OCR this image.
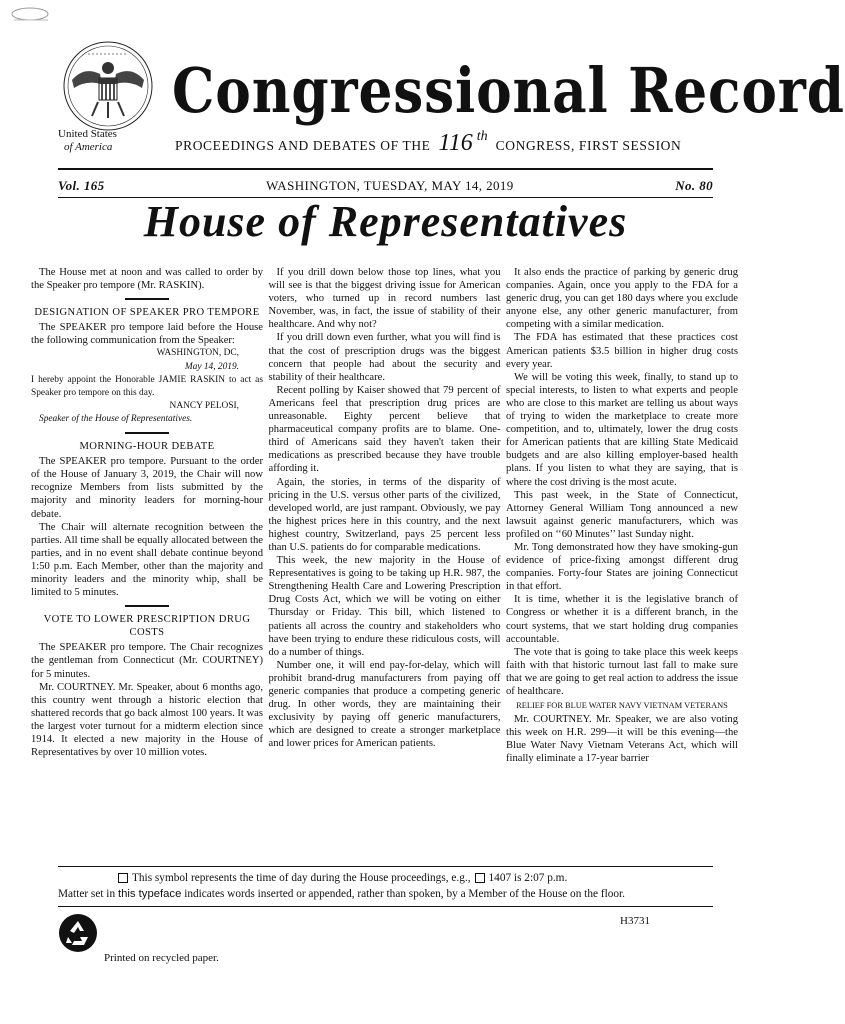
United States
of America
Congressional Record
PROCEEDINGS AND DEBATES OF THE 116 th
CONGRESS, FIRST SESSION
Vol. 165	WASHINGTON, TUESDAY, MAY 14, 2019	No. 80
House of Representatives

The House met at noon and was called to order by the Speaker pro tempore (Mr. RASKIN).

DESIGNATION OF SPEAKER PRO TEMPORE

The SPEAKER pro tempore laid before the House the following communication from the Speaker:

WASHINGTON, DC,

May 14, 2019.

I hereby appoint the Honorable JAMIE RASKIN to act as Speaker pro tempore on this day.

NANCY PELOSI,

Speaker of the House of Representatives.

MORNING-HOUR DEBATE

The SPEAKER pro tempore. Pursuant to the order of the House of January 3, 2019, the Chair will now recognize Members from lists submitted by the majority and minority leaders for morning-hour debate.

The Chair will alternate recognition between the parties. All time shall be equally allocated between the parties, and in no event shall debate continue beyond 1:50 p.m. Each Member, other than the majority and minority leaders and the minority whip, shall be limited to 5 minutes.

VOTE TO LOWER PRESCRIPTION DRUG COSTS

The SPEAKER pro tempore. The Chair recognizes the gentleman from Connecticut (Mr. COURTNEY) for 5 minutes.

Mr. COURTNEY. Mr. Speaker, about 6 months ago, this country went through a historic election that shattered records that go back almost 100 years. It was the largest voter turnout for a midterm election since 1914. It elected a new majority in the House of Representatives by over 10 million votes.

If you drill down below those top lines, what you will see is that the biggest driving issue for American voters, who turned up in record numbers last November, was, in fact, the issue of stability of their healthcare. And why not?

If you drill down even further, what you will find is that the cost of prescription drugs was the biggest concern that people had about the security and stability of their healthcare.

Recent polling by Kaiser showed that 79 percent of Americans feel that prescription drug prices are unreasonable. Eighty percent believe that pharmaceutical company profits are to blame. One-third of Americans said they haven't taken their medications as prescribed because they have trouble affording it.

Again, the stories, in terms of the disparity of pricing in the U.S. versus other parts of the civilized, developed world, are just rampant. Obviously, we pay the highest prices here in this country, and the next highest country, Switzerland, pays 25 percent less than U.S. patients do for comparable medications.

This week, the new majority in the House of Representatives is going to be taking up H.R. 987, the Strengthening Health Care and Lowering Prescription Drug Costs Act, which we will be voting on either Thursday or Friday. This bill, which listened to patients all across the country and stakeholders who have been trying to endure these ridiculous costs, will do a number of things.

Number one, it will end pay-for-delay, which will prohibit brand-drug manufacturers from paying off generic companies that produce a competing generic drug. In other words, they are maintaining their exclusivity by paying off generic manufacturers, which are designed to create a stronger marketplace and lower prices for American patients.

It also ends the practice of parking by generic drug companies. Again, once you apply to the FDA for a generic drug, you can get 180 days where you exclude anyone else, any other generic manufacturer, from competing with a similar medication.

The FDA has estimated that these practices cost American patients $3.5 billion in higher drug costs every year.

We will be voting this week, finally, to stand up to special interests, to listen to what experts and people who are close to this market are telling us about ways of trying to widen the marketplace to create more competition, and to, ultimately, lower the drug costs for American patients that are killing State Medicaid budgets and are also killing employer-based health plans. If you listen to what they are saying, that is where the cost driving is the most acute.

This past week, in the State of Connecticut, Attorney General William Tong announced a new lawsuit against generic manufacturers, which was profiled on ‘‘60 Minutes’’ last Sunday night.

Mr. Tong demonstrated how they have smoking-gun evidence of price-fixing amongst different drug companies. Forty-four States are joining Connecticut in that effort.

It is time, whether it is the legislative branch of Congress or whether it is a different branch, in the court systems, that we start holding drug companies accountable.

The vote that is going to take place this week keeps faith with that historic turnout last fall to make sure that we are going to get real action to address the issue of healthcare.

RELIEF FOR BLUE WATER NAVY VIETNAM VETERANS

Mr. COURTNEY. Mr. Speaker, we are also voting this week on H.R. 299—it will be this evening—the Blue Water Navy Vietnam Veterans Act, which will finally eliminate a 17-year barrier

This symbol represents the time of day during the House proceedings, e.g., 1407 is 2:07 p.m.
Matter set in this typeface indicates words inserted or appended, rather than spoken, by a Member of the House on the floor.
H3731
Printed on recycled paper.
